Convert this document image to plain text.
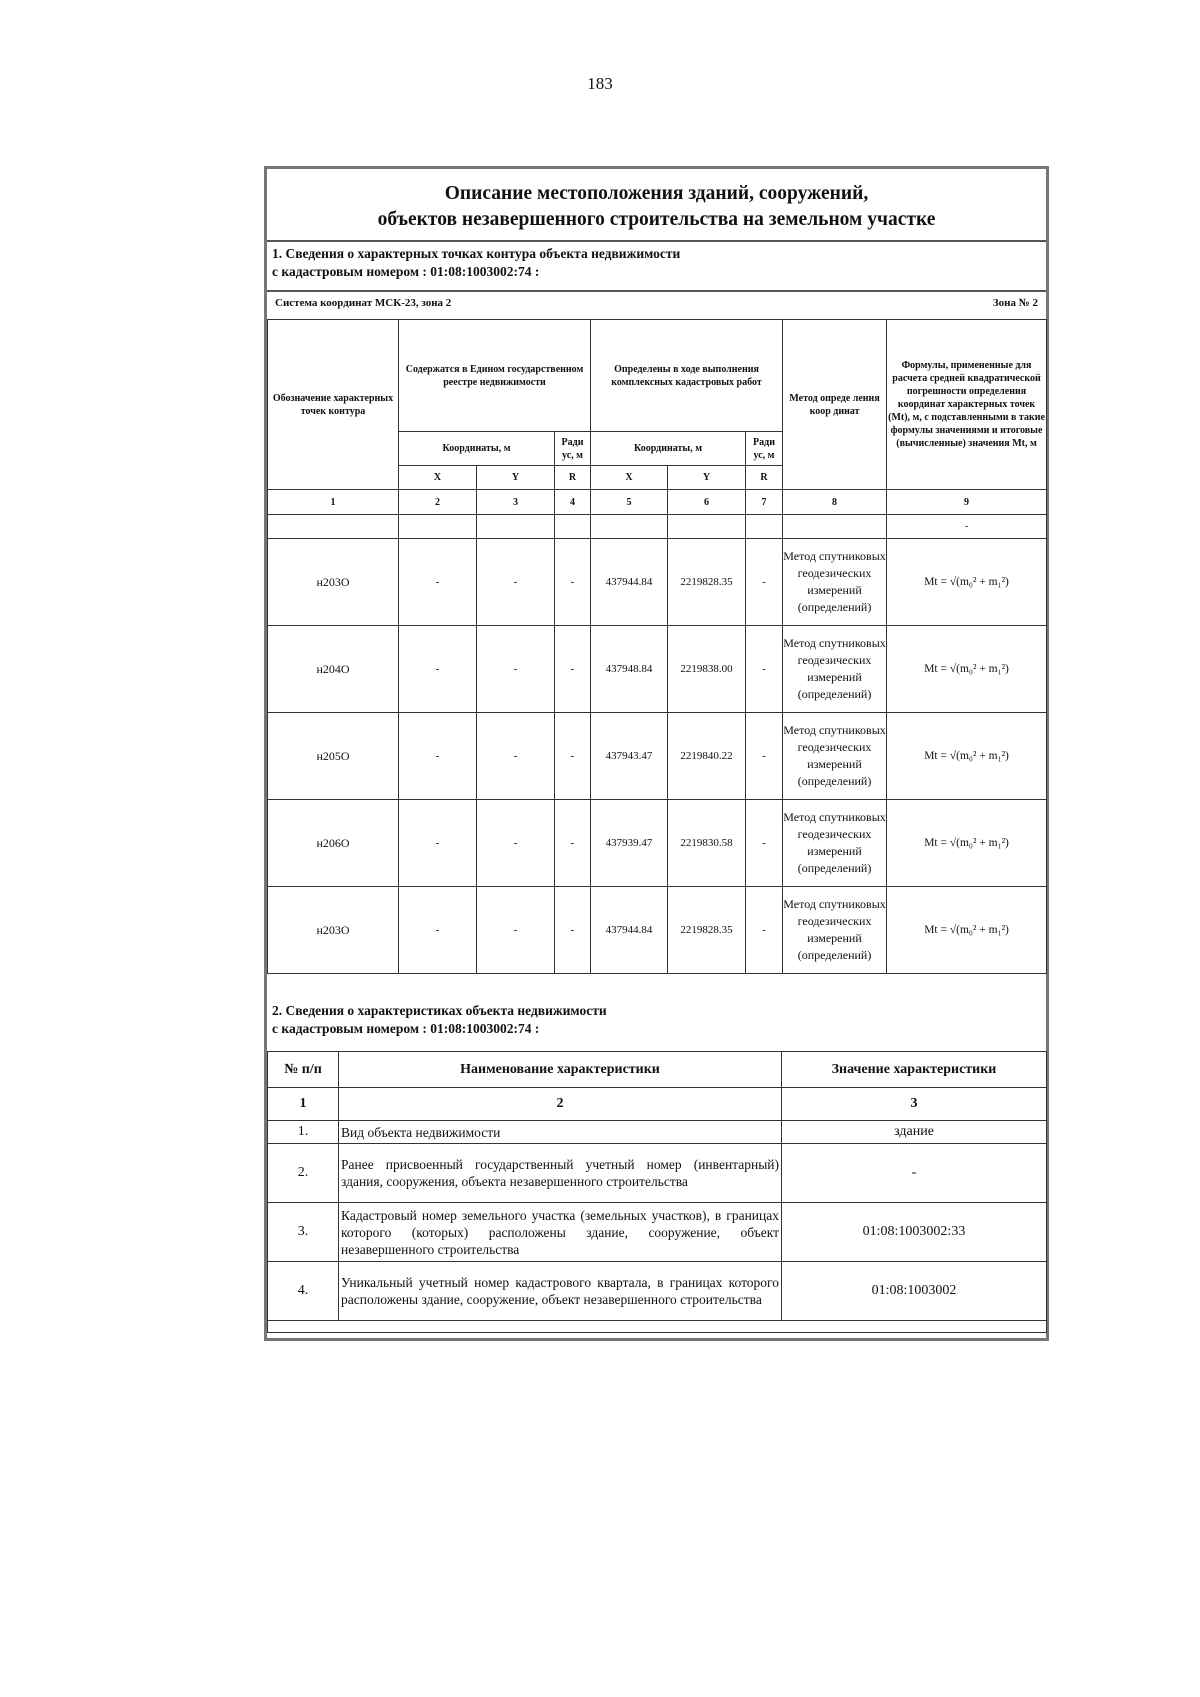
183
Описание местоположения зданий, сооружений,
объектов незавершенного строительства на земельном участке
1. Сведения о характерных точках контура объекта недвижимости
с кадастровым номером : 01:08:1003002:74 :
Система координат МСК-23, зона 2	Зона № 2
Обозначение характерных точек контура	Содержатся в Едином государственном реестре недвижимости			Определены в ходе выполнения комплексных кадастровых работ			Метод опреде ления коор динат	Формулы, примененные для расчета средней квадратической погрешности определения координат характерных точек (Mt), м, с подставленными в такие формулы значениями и итоговые (вычисленные) значения Mt, м
	Координаты, м		Ради ус, м	Координаты, м		Ради ус, м		
	X	Y	R	X	Y	R		
1	2	3	4	5	6	7	8	9
								-
н203О	-	-	-	437944.84	2219828.35	-	Метод спутниковых геодезических измерений (определений)	Mt = √(m₀² + m₁²)
н204О	-	-	-	437948.84	2219838.00	-	Метод спутниковых геодезических измерений (определений)	Mt = √(m₀² + m₁²)
н205О	-	-	-	437943.47	2219840.22	-	Метод спутниковых геодезических измерений (определений)	Mt = √(m₀² + m₁²)
н206О	-	-	-	437939.47	2219830.58	-	Метод спутниковых геодезических измерений (определений)	Mt = √(m₀² + m₁²)
н203О	-	-	-	437944.84	2219828.35	-	Метод спутниковых геодезических измерений (определений)	Mt = √(m₀² + m₁²)
2. Сведения о характеристиках объекта недвижимости
с кадастровым номером : 01:08:1003002:74 :
№ п/п	Наименование характеристики	Значение характеристики
1	2	3
1.	Вид объекта недвижимости	здание
2.	Ранее присвоенный государственный учетный номер (инвентарный) здания, сооружения, объекта незавершенного строительства	-
3.	Кадастровый номер земельного участка (земельных участков), в границах которого (которых) расположены здание, сооружение, объект незавершенного строительства	01:08:1003002:33
4.	Уникальный учетный номер кадастрового квартала, в границах которого расположены здание, сооружение, объект незавершенного строительства	01:08:1003002
